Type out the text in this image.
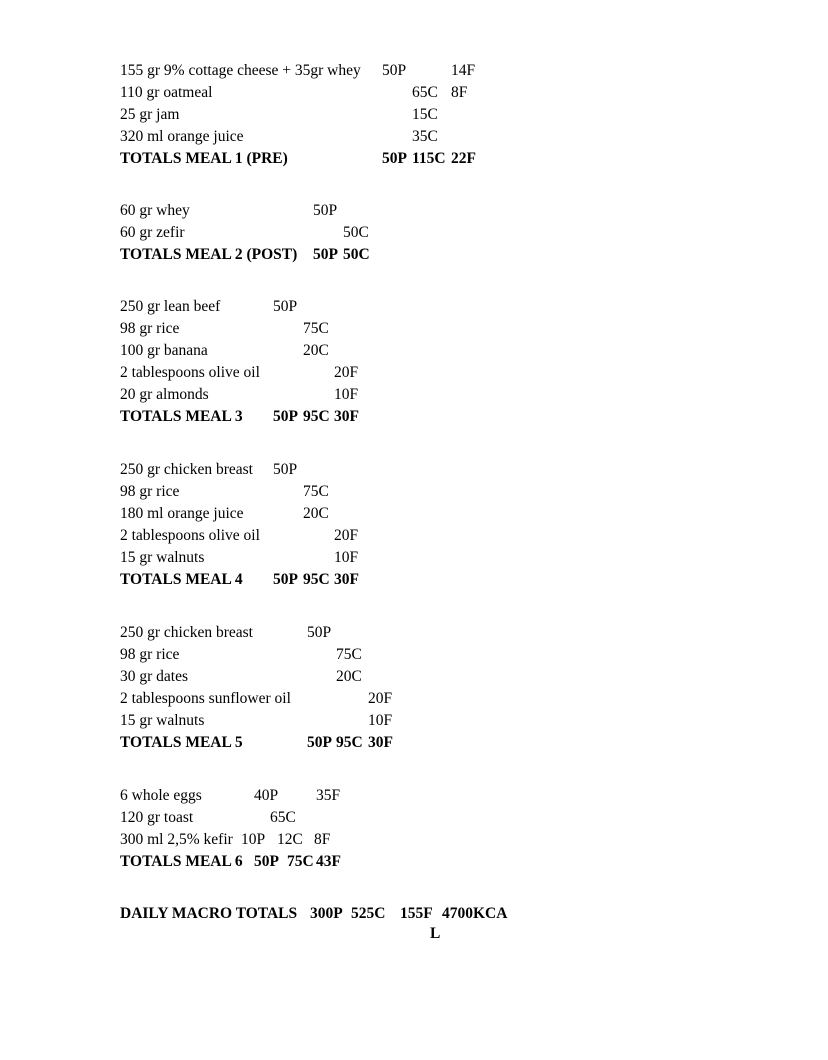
155 gr 9% cottage cheese + 35gr whey 50P	14F
110 gr oatmeal	65C 8F
25 gr jam	15C
320 ml orange juice	35C
TOTALS MEAL 1 (PRE)	50P 115C 22F
60 gr whey	50P
60 gr zefir	50C
TOTALS MEAL 2 (POST) 50P 50C
250 gr lean beef	50P
98 gr rice	75C
100 gr banana	20C
2 tablespoons olive oil	20F
20 gr almonds	10F
TOTALS MEAL 3 50P 95C 30F
250 gr chicken breast 50P
98 gr rice	75C
180 ml orange juice	20C
2 tablespoons olive oil	20F
15 gr walnuts	10F
TOTALS MEAL 4 50P 95C 30F
250 gr chicken breast	50P
98 gr rice	75C
30 gr dates	20C
2 tablespoons sunflower oil	20F
15 gr walnuts	10F
TOTALS MEAL 5	50P 95C 30F
6 whole eggs	40P 35F
120 gr toast	65C
300 ml 2,5% kefir 10P 12C 8F
TOTALS MEAL 6 50P 75C 43F
DAILY MACRO TOTALS 300P 525C 155F 4700KCA
L
